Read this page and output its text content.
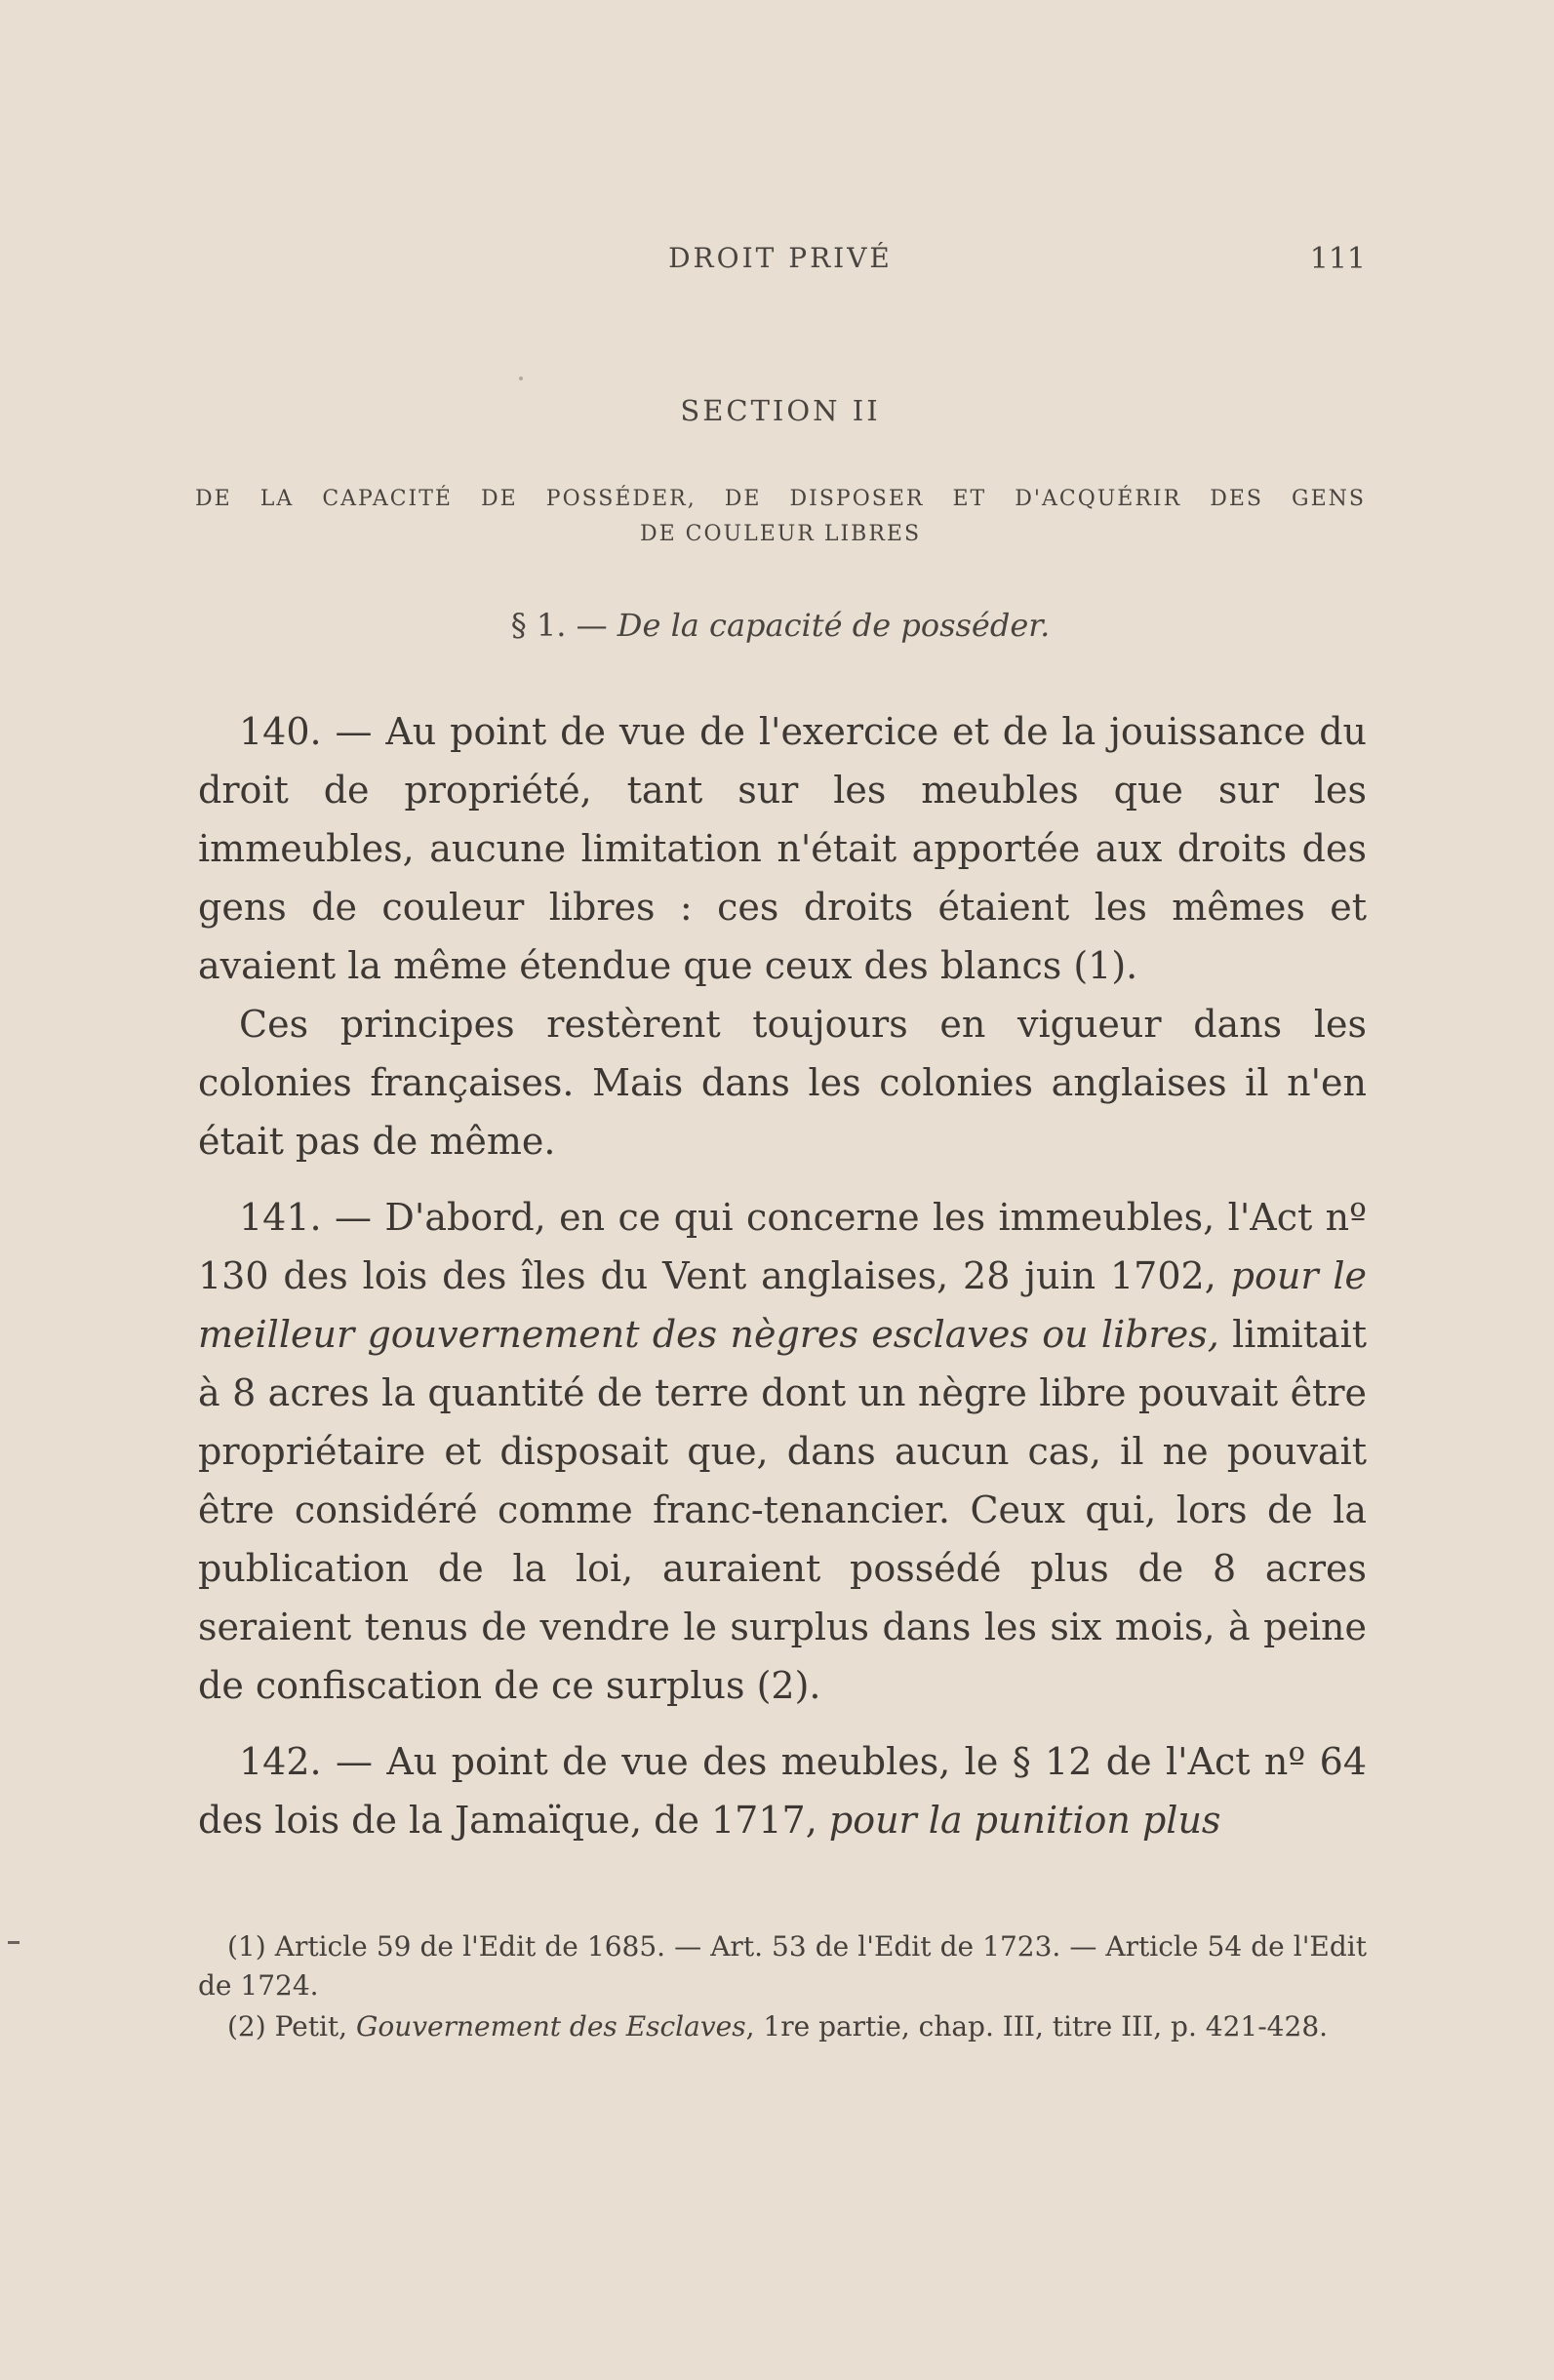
DROIT PRIVÉ	111
SECTION II
DE LA CAPACITÉ DE POSSÉDER, DE DISPOSER ET D'ACQUÉRIR DES GENS
DE COULEUR LIBRES
§ 1. — De la capacité de posséder.

140. — Au point de vue de l'exercice et de la jouissance du droit de propriété, tant sur les meubles que sur les immeubles, aucune limitation n'était apportée aux droits des gens de couleur libres : ces droits étaient les mêmes et avaient la même étendue que ceux des blancs (1).

Ces principes restèrent toujours en vigueur dans les colonies françaises. Mais dans les colonies anglaises il n'en était pas de même.

141. — D'abord, en ce qui concerne les immeubles, l'Act nº 130 des lois des îles du Vent anglaises, 28 juin 1702, pour le meilleur gouvernement des nègres esclaves ou libres, limitait à 8 acres la quantité de terre dont un nègre libre pouvait être propriétaire et disposait que, dans aucun cas, il ne pouvait être considéré comme franc-tenancier. Ceux qui, lors de la publication de la loi, auraient possédé plus de 8 acres seraient tenus de vendre le surplus dans les six mois, à peine de confiscation de ce surplus (2).

142. — Au point de vue des meubles, le § 12 de l'Act nº 64 des lois de la Jamaïque, de 1717, pour la punition plus

(1) Article 59 de l'Edit de 1685. — Art. 53 de l'Edit de 1723. — Article 54 de l'Edit de 1724.

(2) Petit, Gouvernement des Esclaves, 1re partie, chap. III, titre III, p. 421-428.
